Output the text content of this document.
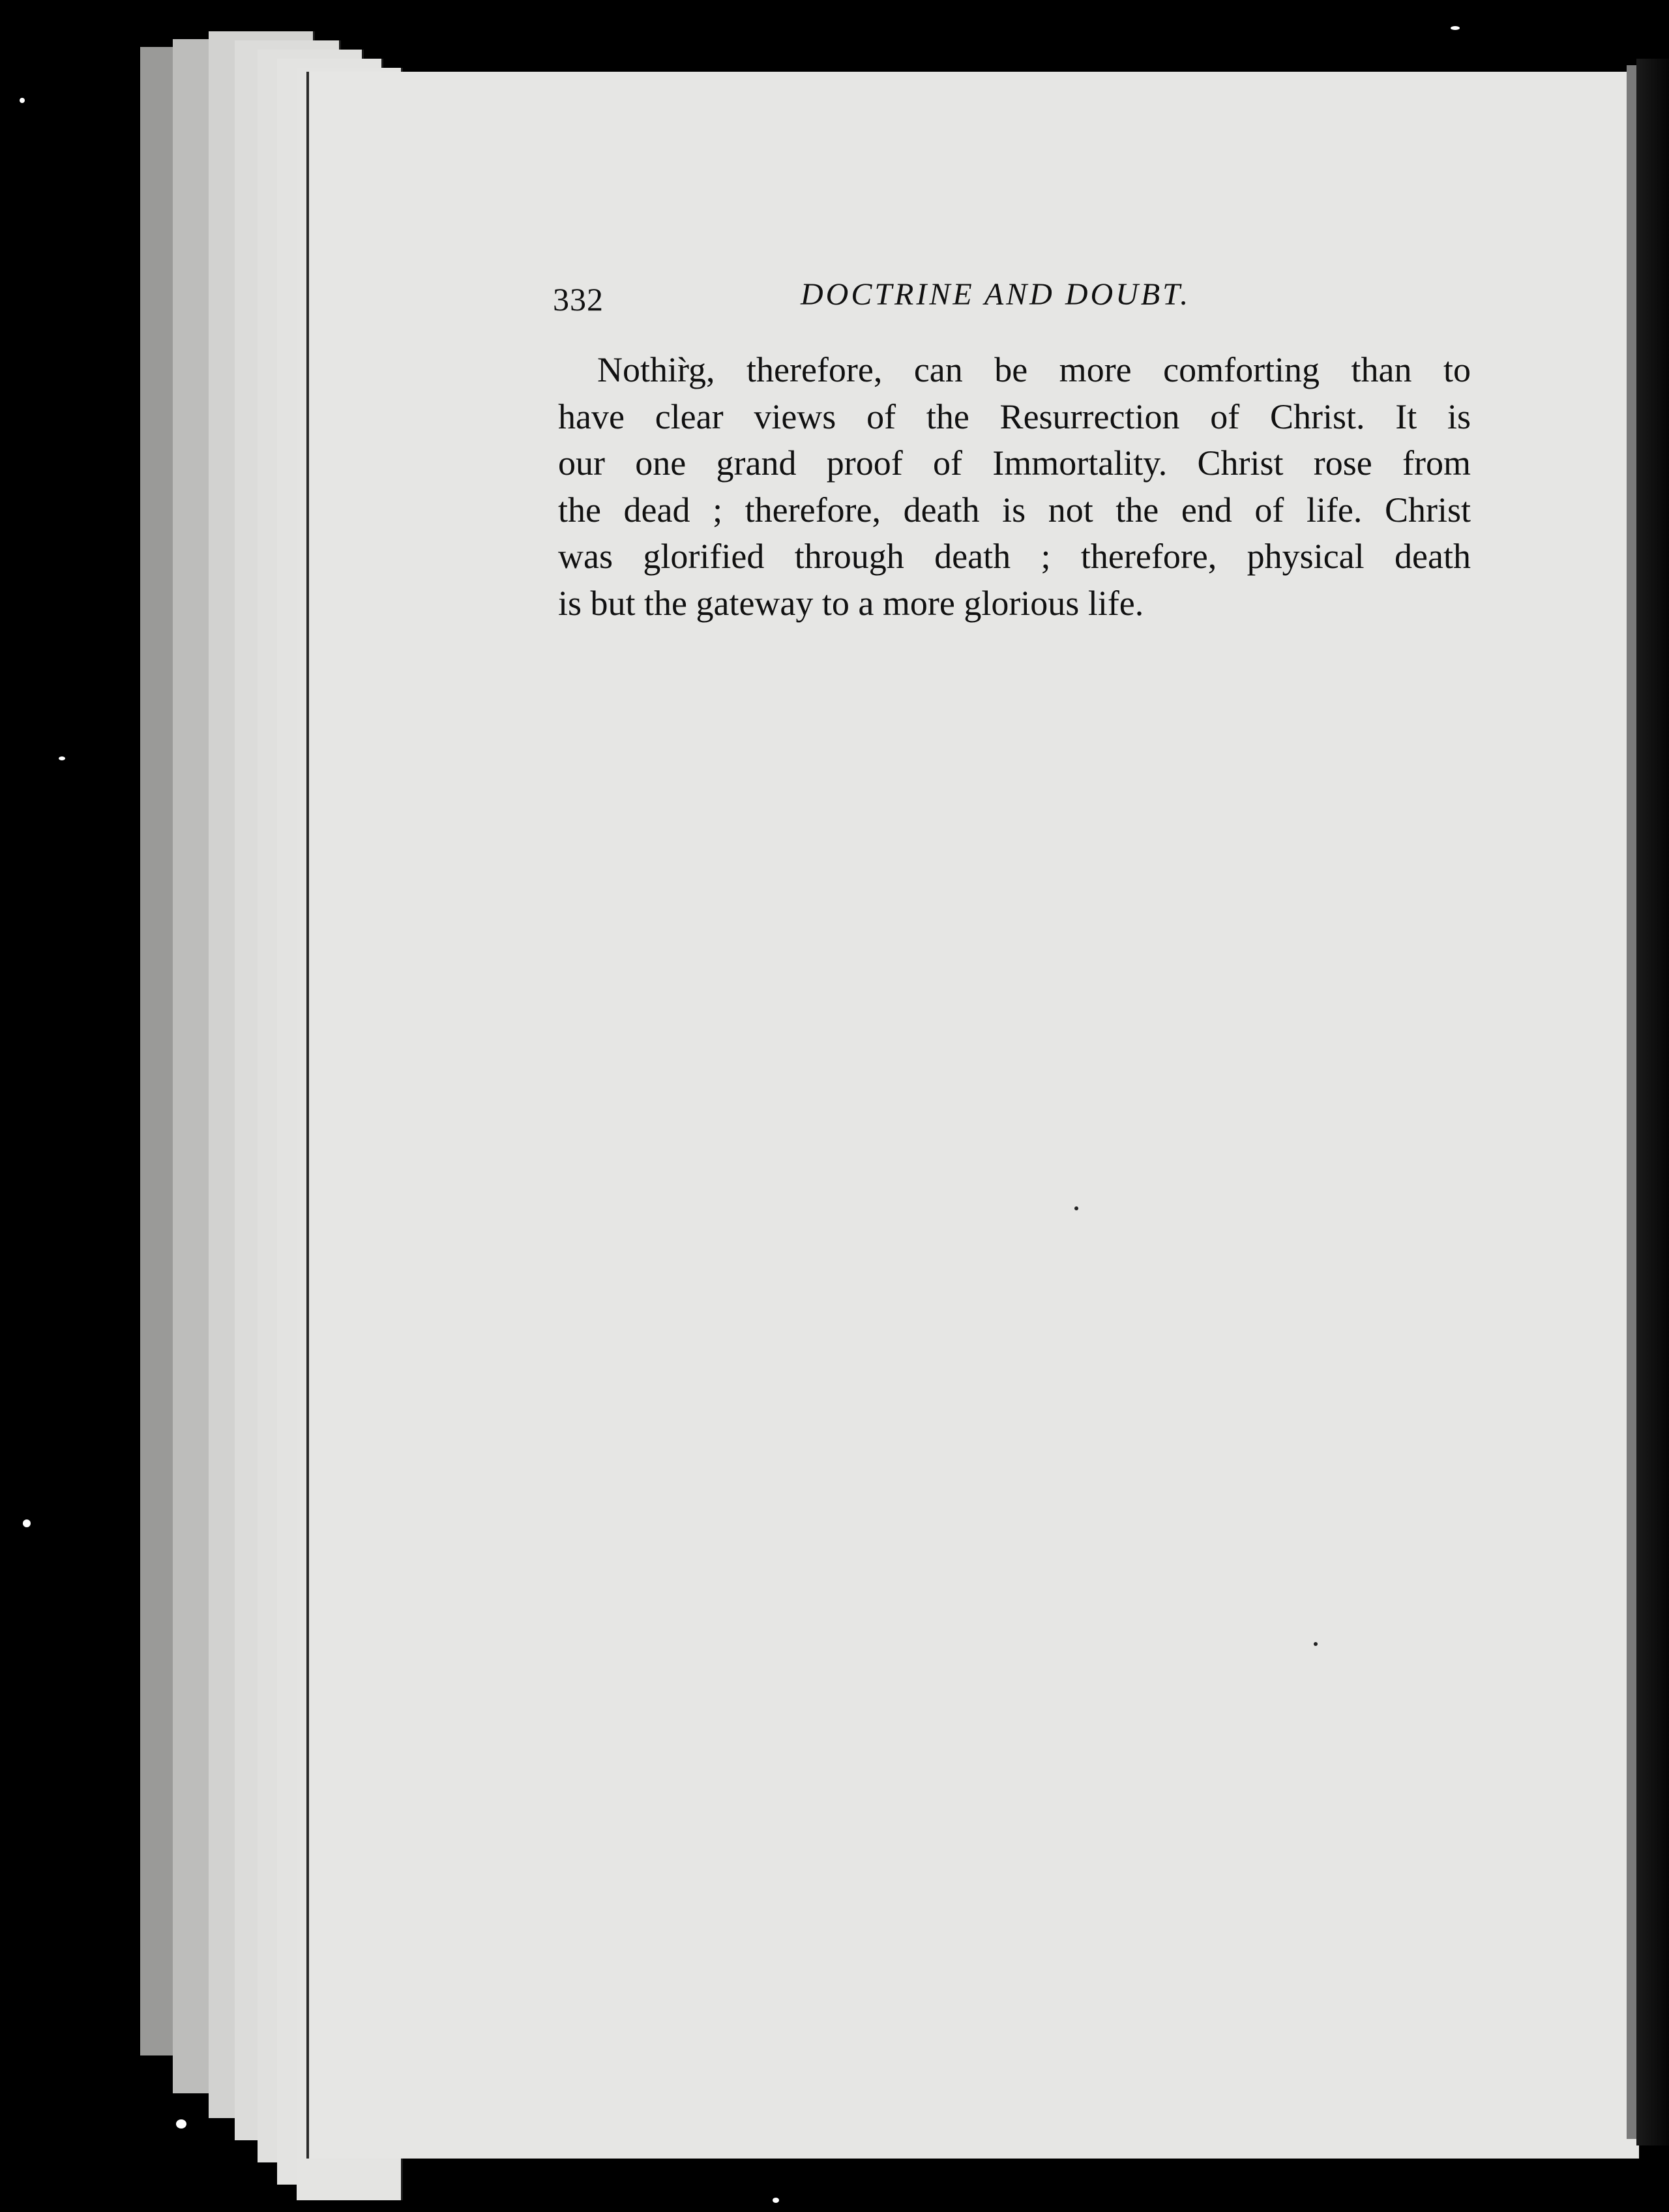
332	DOCTRINE AND DOUBT.
Nothir̀g, therefore, can be more comforting than to
have clear views of the Resurrection of Christ. It is
our one grand proof of Immortality. Christ rose from
the dead ; therefore, death is not the end of life. Christ
was glorified through death ; therefore, physical death
is but the gateway to a more glorious life.
